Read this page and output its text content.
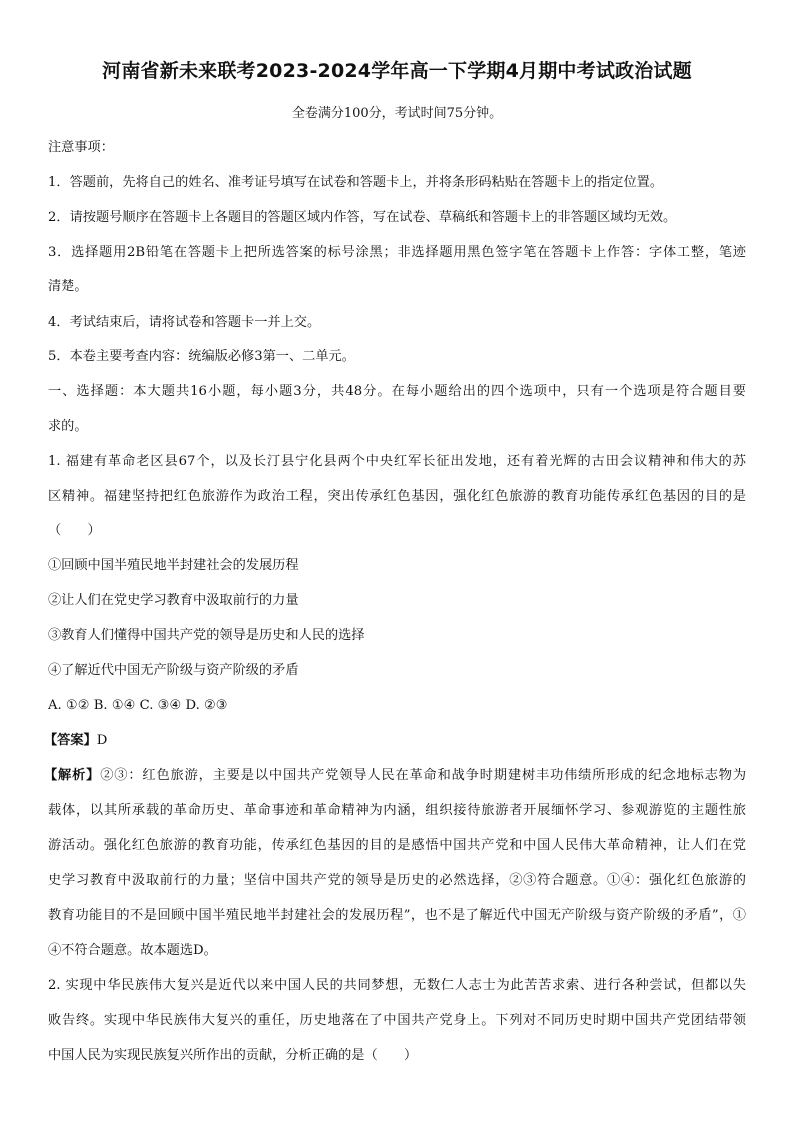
河南省新未来联考2023-2024学年高一下学期4月期中考试政治试题
全卷满分100分，考试时间75分钟。
注意事项：
1．答题前，先将自己的姓名、准考证号填写在试卷和答题卡上，并将条形码粘贴在答题卡上的指定位置。
2．请按题号顺序在答题卡上各题目的答题区域内作答，写在试卷、草稿纸和答题卡上的非答题区域均无效。
3．选择题用2B铅笔在答题卡上把所选答案的标号涂黑；非选择题用黑色签字笔在答题卡上作答：字体工整，笔迹
清楚。
4．考试结束后，请将试卷和答题卡一并上交。
5．本卷主要考查内容：统编版必修3第一、二单元。
一、选择题：本大题共16小题，每小题3分，共48分。在每小题给出的四个选项中，只有一个选项是符合题目要
求的。
1. 福建有革命老区县67个，以及长汀县宁化县两个中央红军长征出发地，还有着光辉的古田会议精神和伟大的苏
区精神。福建坚持把红色旅游作为政治工程，突出传承红色基因，强化红色旅游的教育功能传承红色基因的目的是
（　　）
①回顾中国半殖民地半封建社会的发展历程
②让人们在党史学习教育中汲取前行的力量
③教育人们懂得中国共产党的领导是历史和人民的选择
④了解近代中国无产阶级与资产阶级的矛盾
A. ①② B. ①④ C. ③④ D. ②③
【答案】D
【解析】②③：红色旅游，主要是以中国共产党领导人民在革命和战争时期建树丰功伟绩所形成的纪念地标志物为
载体，以其所承载的革命历史、革命事迹和革命精神为内涵，组织接待旅游者开展缅怀学习、参观游览的主题性旅
游活动。强化红色旅游的教育功能，传承红色基因的目的是感悟中国共产党和中国人民伟大革命精神，让人们在党
史学习教育中汲取前行的力量；坚信中国共产党的领导是历史的必然选择，②③符合题意。①④：强化红色旅游的
教育功能目的不是回顾中国半殖民地半封建社会的发展历程”，也不是了解近代中国无产阶级与资产阶级的矛盾”，①
④不符合题意。故本题选D。
2. 实现中华民族伟大复兴是近代以来中国人民的共同梦想，无数仁人志士为此苦苦求索、进行各种尝试，但都以失
败告终。实现中华民族伟大复兴的重任，历史地落在了中国共产党身上。下列对不同历史时期中国共产党团结带领
中国人民为实现民族复兴所作出的贡献，分析正确的是（　　）
